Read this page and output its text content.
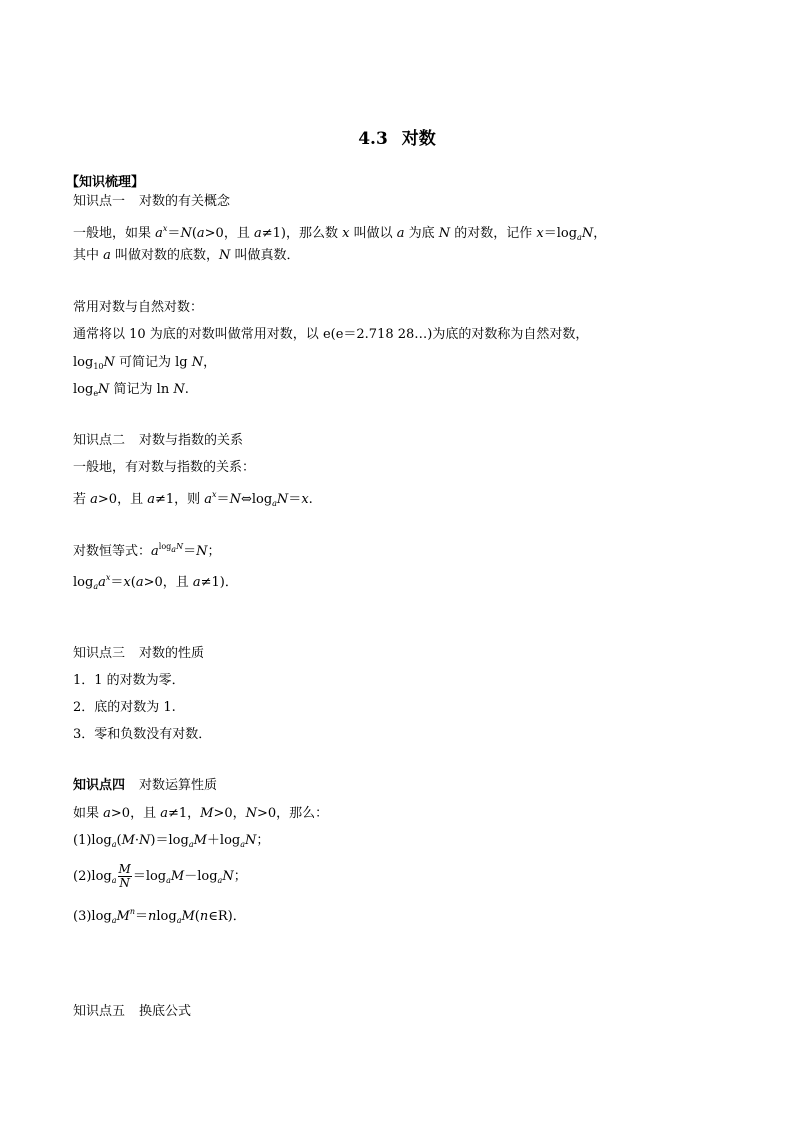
4.3 对数
【知识梳理】
知识点一 对数的有关概念
一般地，如果 $a^x=N(a>0$，且 a≠1)，那么数 x 叫做以 a 为底 N 的对数，记作 $x=\log_aN$，
其中 a 叫做对数的底数，N 叫做真数．
常用对数与自然对数：
通常将以 10 为底的对数叫做常用对数，以 e(e＝2.718 28…)为底的对数称为自然对数，
$\log_{10}N$ 可简记为 lg N，
$\log_eN$ 简记为 ln N.
知识点二 对数与指数的关系
一般地，有对数与指数的关系：
若 a>0，且 a≠1，则 $a^x=N\Leftrightarrow\log_aN=x$.
对数恒等式：$a^{log_aN}=N$；
$\log_aa^x=x(a>0$，且 a≠1)．
知识点三 对数的性质
1．1 的对数为零．
2．底的对数为 1.
3．零和负数没有对数．
知识点四 对数运算性质
如果 a>0，且 a≠1，M>0，N>0，那么：
$(1)\log_a(M\cdot N)=\log_aM+\log_aN$；
$(2)\log_a \frac{M}{N} =\log_aM-\log_aN$；
$(3)\log_aM^n=nlog_aM(n\in R)$．
知识点五 换底公式
